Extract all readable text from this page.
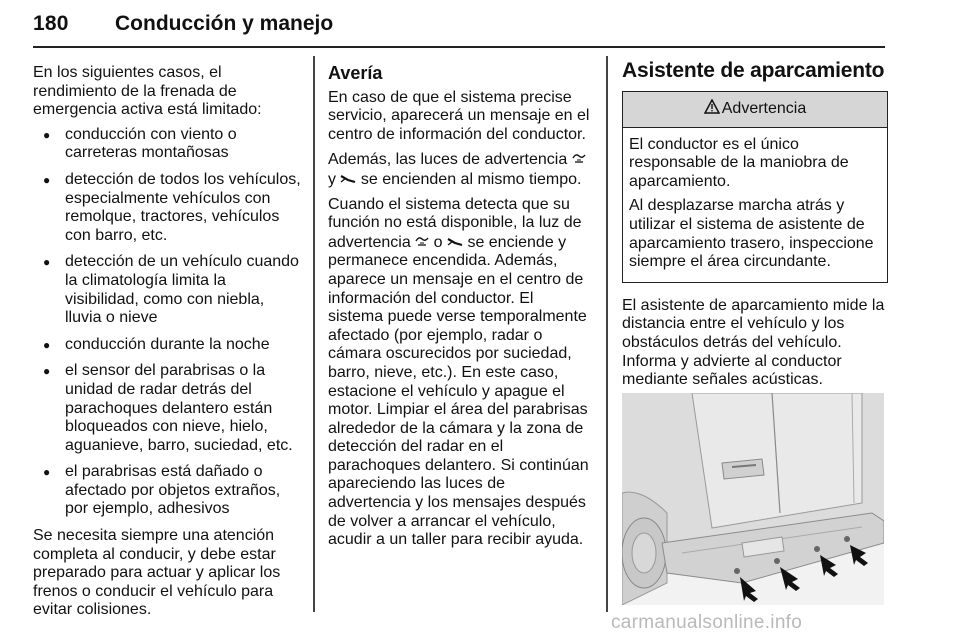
180 Conducción y manejo

En los siguientes casos, el rendimiento de la frenada de emergencia activa está limitado:

● conducción con viento o carreteras montañosas
● detección de todos los vehículos, especialmente vehículos con remolque, tractores, vehículos con barro, etc.
● detección de un vehículo cuando la climatología limita la visibilidad, como con niebla, lluvia o nieve
● conducción durante la noche
● el sensor del parabrisas o la unidad de radar detrás del parachoques delantero están bloqueados con nieve, hielo, aguanieve, barro, suciedad, etc.
● el parabrisas está dañado o afectado por objetos extraños, por ejemplo, adhesivos

Se necesita siempre una atención completa al conducir, y debe estar preparado para actuar y aplicar los frenos o conducir el vehículo para evitar colisiones.

Avería

En caso de que el sistema precise servicio, aparecerá un mensaje en el centro de información del conductor.

Además, las luces de advertencia
y se encienden al mismo tiempo.

Cuando el sistema detecta que su función no está disponible, la luz de advertencia o se enciende y permanece encendida. Además, aparece un mensaje en el centro de información del conductor. El sistema puede verse temporalmente afectado (por ejemplo, radar o cámara oscurecidos por suciedad, barro, nieve, etc.). En este caso, estacione el vehículo y apague el motor. Limpiar el área del parabrisas alrededor de la cámara y la zona de detección del radar en el parachoques delantero. Si continúan apareciendo las luces de advertencia y los mensajes después de volver a arrancar el vehículo, acudir a un taller para recibir ayuda.

Asistente de aparcamiento
Advertencia

El conductor es el único responsable de la maniobra de aparcamiento.

Al desplazarse marcha atrás y utilizar el sistema de asistente de aparcamiento trasero, inspeccione siempre el área circundante.

El asistente de aparcamiento mide la distancia entre el vehículo y los obstáculos detrás del vehículo. Informa y advierte al conductor mediante señales acústicas.

carmanualsonline.info
